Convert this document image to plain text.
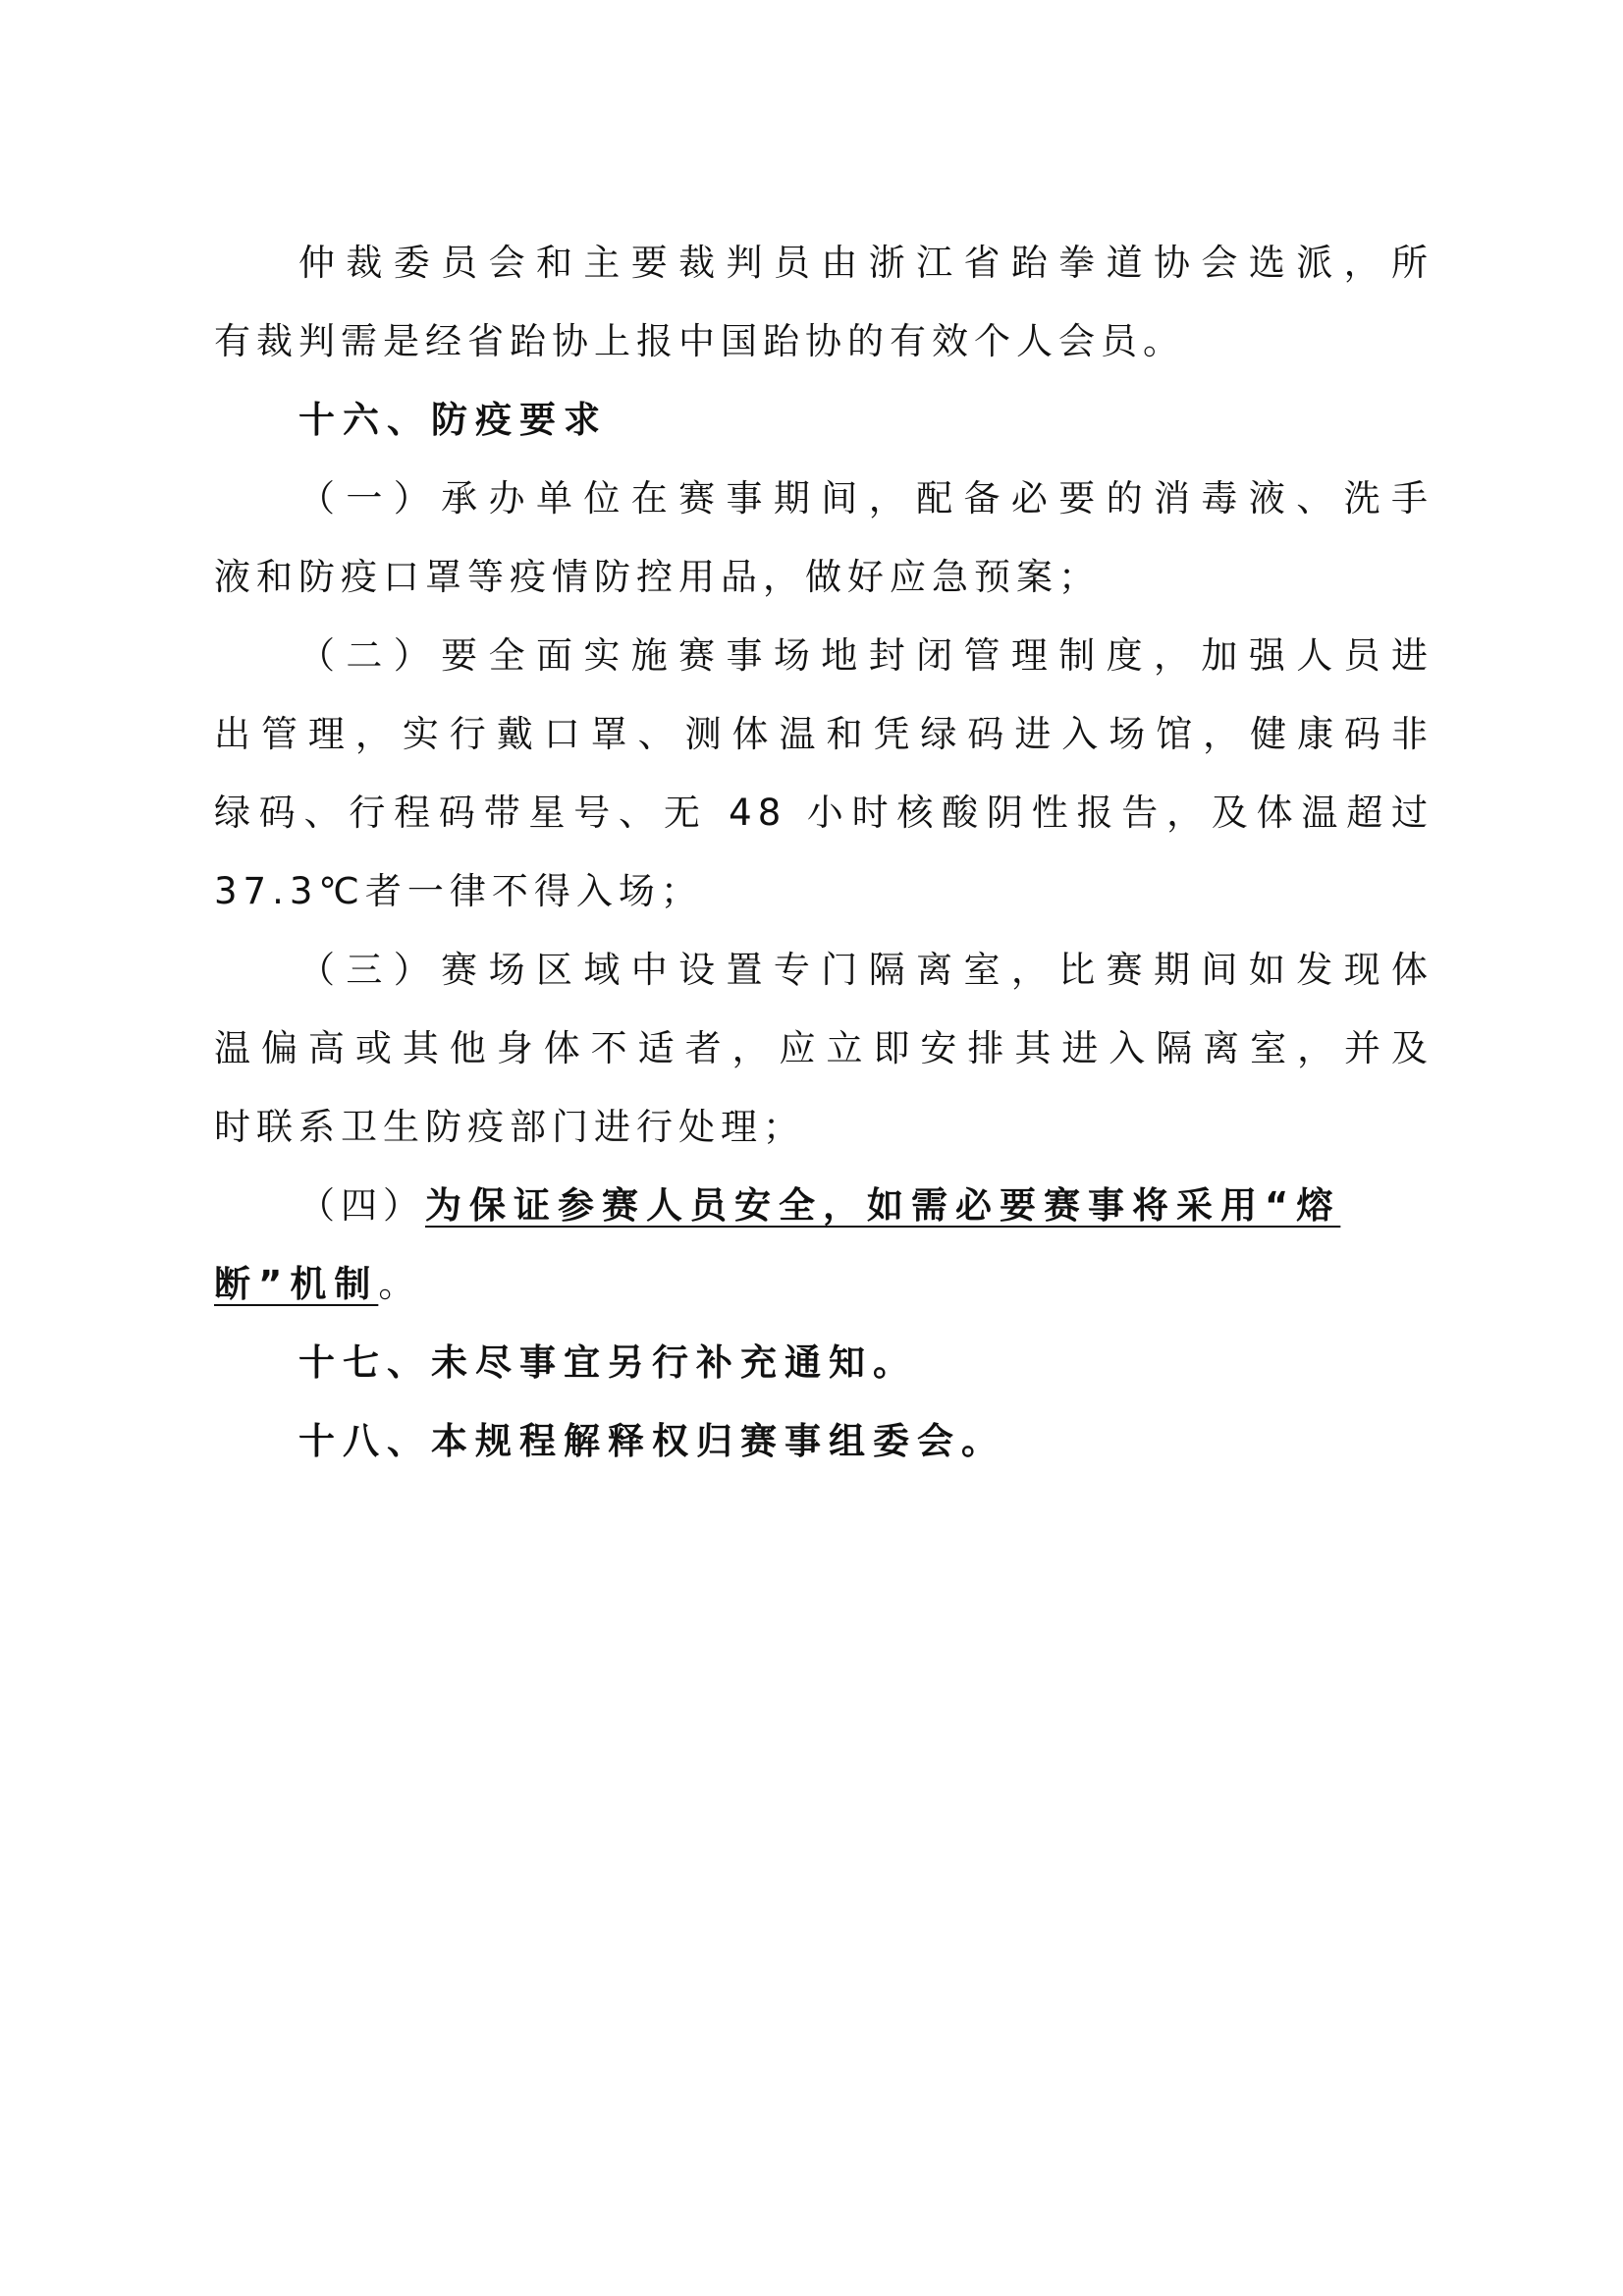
仲裁委员会和主要裁判员由浙江省跆拳道协会选派，所
有裁判需是经省跆协上报中国跆协的有效个人会员。
十六、防疫要求
（一）承办单位在赛事期间，配备必要的消毒液、洗手
液和防疫口罩等疫情防控用品，做好应急预案；
（二）要全面实施赛事场地封闭管理制度，加强人员进
出管理，实行戴口罩、测体温和凭绿码进入场馆，健康码非
绿码、行程码带星号、无 48 小时核酸阴性报告，及体温超过
37.3℃者一律不得入场；
（三）赛场区域中设置专门隔离室，比赛期间如发现体
温偏高或其他身体不适者，应立即安排其进入隔离室，并及
时联系卫生防疫部门进行处理；
（四）为保证参赛人员安全，如需必要赛事将采用“熔
断”机制。
十七、未尽事宜另行补充通知。
十八、本规程解释权归赛事组委会。
